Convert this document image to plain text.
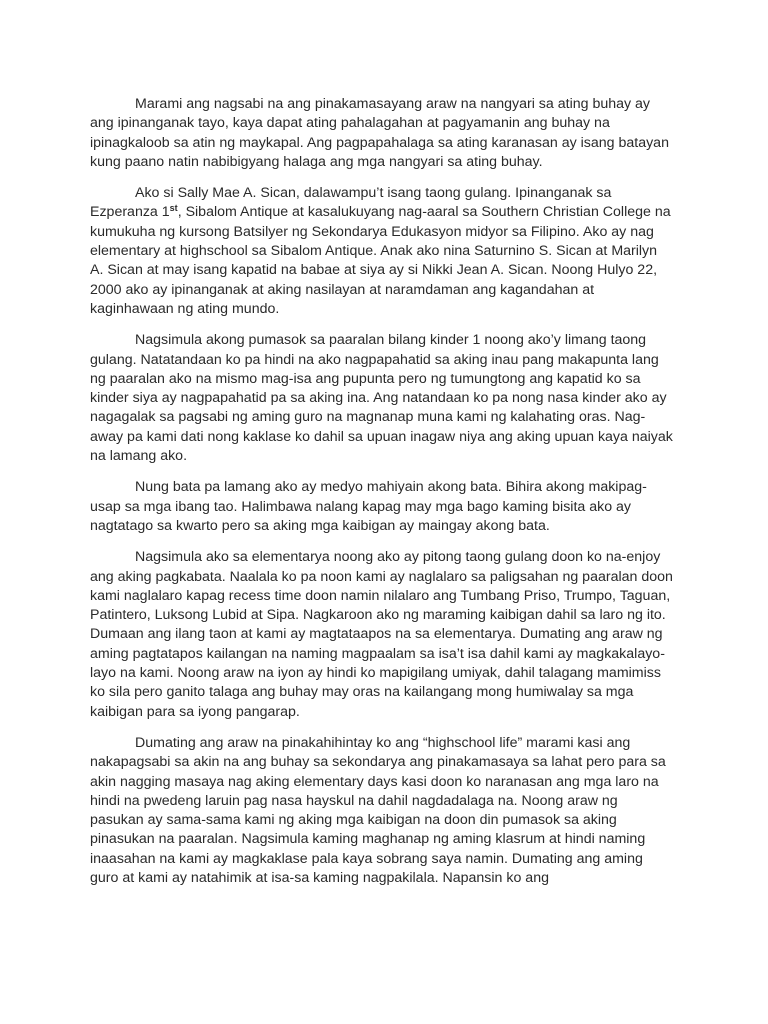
Marami ang nagsabi na ang pinakamasayang araw na nangyari sa ating buhay ay ang ipinanganak tayo, kaya dapat ating pahalagahan at pagyamanin ang buhay na ipinagkaloob sa atin ng maykapal. Ang pagpapahalaga sa ating karanasan ay isang batayan kung paano natin nabibigyang halaga ang mga nangyari sa ating buhay.

Ako si Sally Mae A. Sican, dalawampu’t isang taong gulang. Ipinanganak sa Ezperanza 1st, Sibalom Antique at kasalukuyang nag-aaral sa Southern Christian College na kumukuha ng kursong Batsilyer ng Sekondarya Edukasyon midyor sa Filipino. Ako ay nag elementary at highschool sa Sibalom Antique. Anak ako nina Saturnino S. Sican at Marilyn A. Sican at may isang kapatid na babae at siya ay si Nikki Jean A. Sican. Noong Hulyo 22, 2000 ako ay ipinanganak at aking nasilayan at naramdaman ang kagandahan at kaginhawaan ng ating mundo.

Nagsimula akong pumasok sa paaralan bilang kinder 1 noong ako’y limang taong gulang. Natatandaan ko pa hindi na ako nagpapahatid sa aking inau pang makapunta lang ng paaralan ako na mismo mag-isa ang pupunta pero ng tumungtong ang kapatid ko sa kinder siya ay nagpapahatid pa sa aking ina. Ang natandaan ko pa nong nasa kinder ako ay nagagalak sa pagsabi ng aming guro na magnanap muna kami ng kalahating oras. Nag-away pa kami dati nong kaklase ko dahil sa upuan inagaw niya ang aking upuan kaya naiyak na lamang ako.

Nung bata pa lamang ako ay medyo mahiyain akong bata. Bihira akong makipag-usap sa mga ibang tao. Halimbawa nalang kapag may mga bago kaming bisita ako ay nagtatago sa kwarto pero sa aking mga kaibigan ay maingay akong bata.

Nagsimula ako sa elementarya noong ako ay pitong taong gulang doon ko na-enjoy ang aking pagkabata. Naalala ko pa noon kami ay naglalaro sa paligsahan ng paaralan doon kami naglalaro kapag recess time doon namin nilalaro ang Tumbang Priso, Trumpo, Taguan, Patintero, Luksong Lubid at Sipa. Nagkaroon ako ng maraming kaibigan dahil sa laro ng ito. Dumaan ang ilang taon at kami ay magtataapos na sa elementarya. Dumating ang araw ng aming pagtatapos kailangan na naming magpaalam sa isa’t isa dahil kami ay magkakalayo-layo na kami. Noong araw na iyon ay hindi ko mapigilang umiyak, dahil talagang mamimiss ko sila pero ganito talaga ang buhay may oras na kailangang mong humiwalay sa mga kaibigan para sa iyong pangarap.

Dumating ang araw na pinakahihintay ko ang “highschool life” marami kasi ang nakapagsabi sa akin na ang buhay sa sekondarya ang pinakamasaya sa lahat pero para sa akin nagging masaya nag aking elementary days kasi doon ko naranasan ang mga laro na hindi na pwedeng laruin pag nasa hayskul na dahil nagdadalaga na. Noong araw ng pasukan ay sama-sama kami ng aking mga kaibigan na doon din pumasok sa aking pinasukan na paaralan. Nagsimula kaming maghanap ng aming klasrum at hindi naming inaasahan na kami ay magkaklase pala kaya sobrang saya namin. Dumating ang aming guro at kami ay natahimik at isa-sa kaming nagpakilala. Napansin ko ang
